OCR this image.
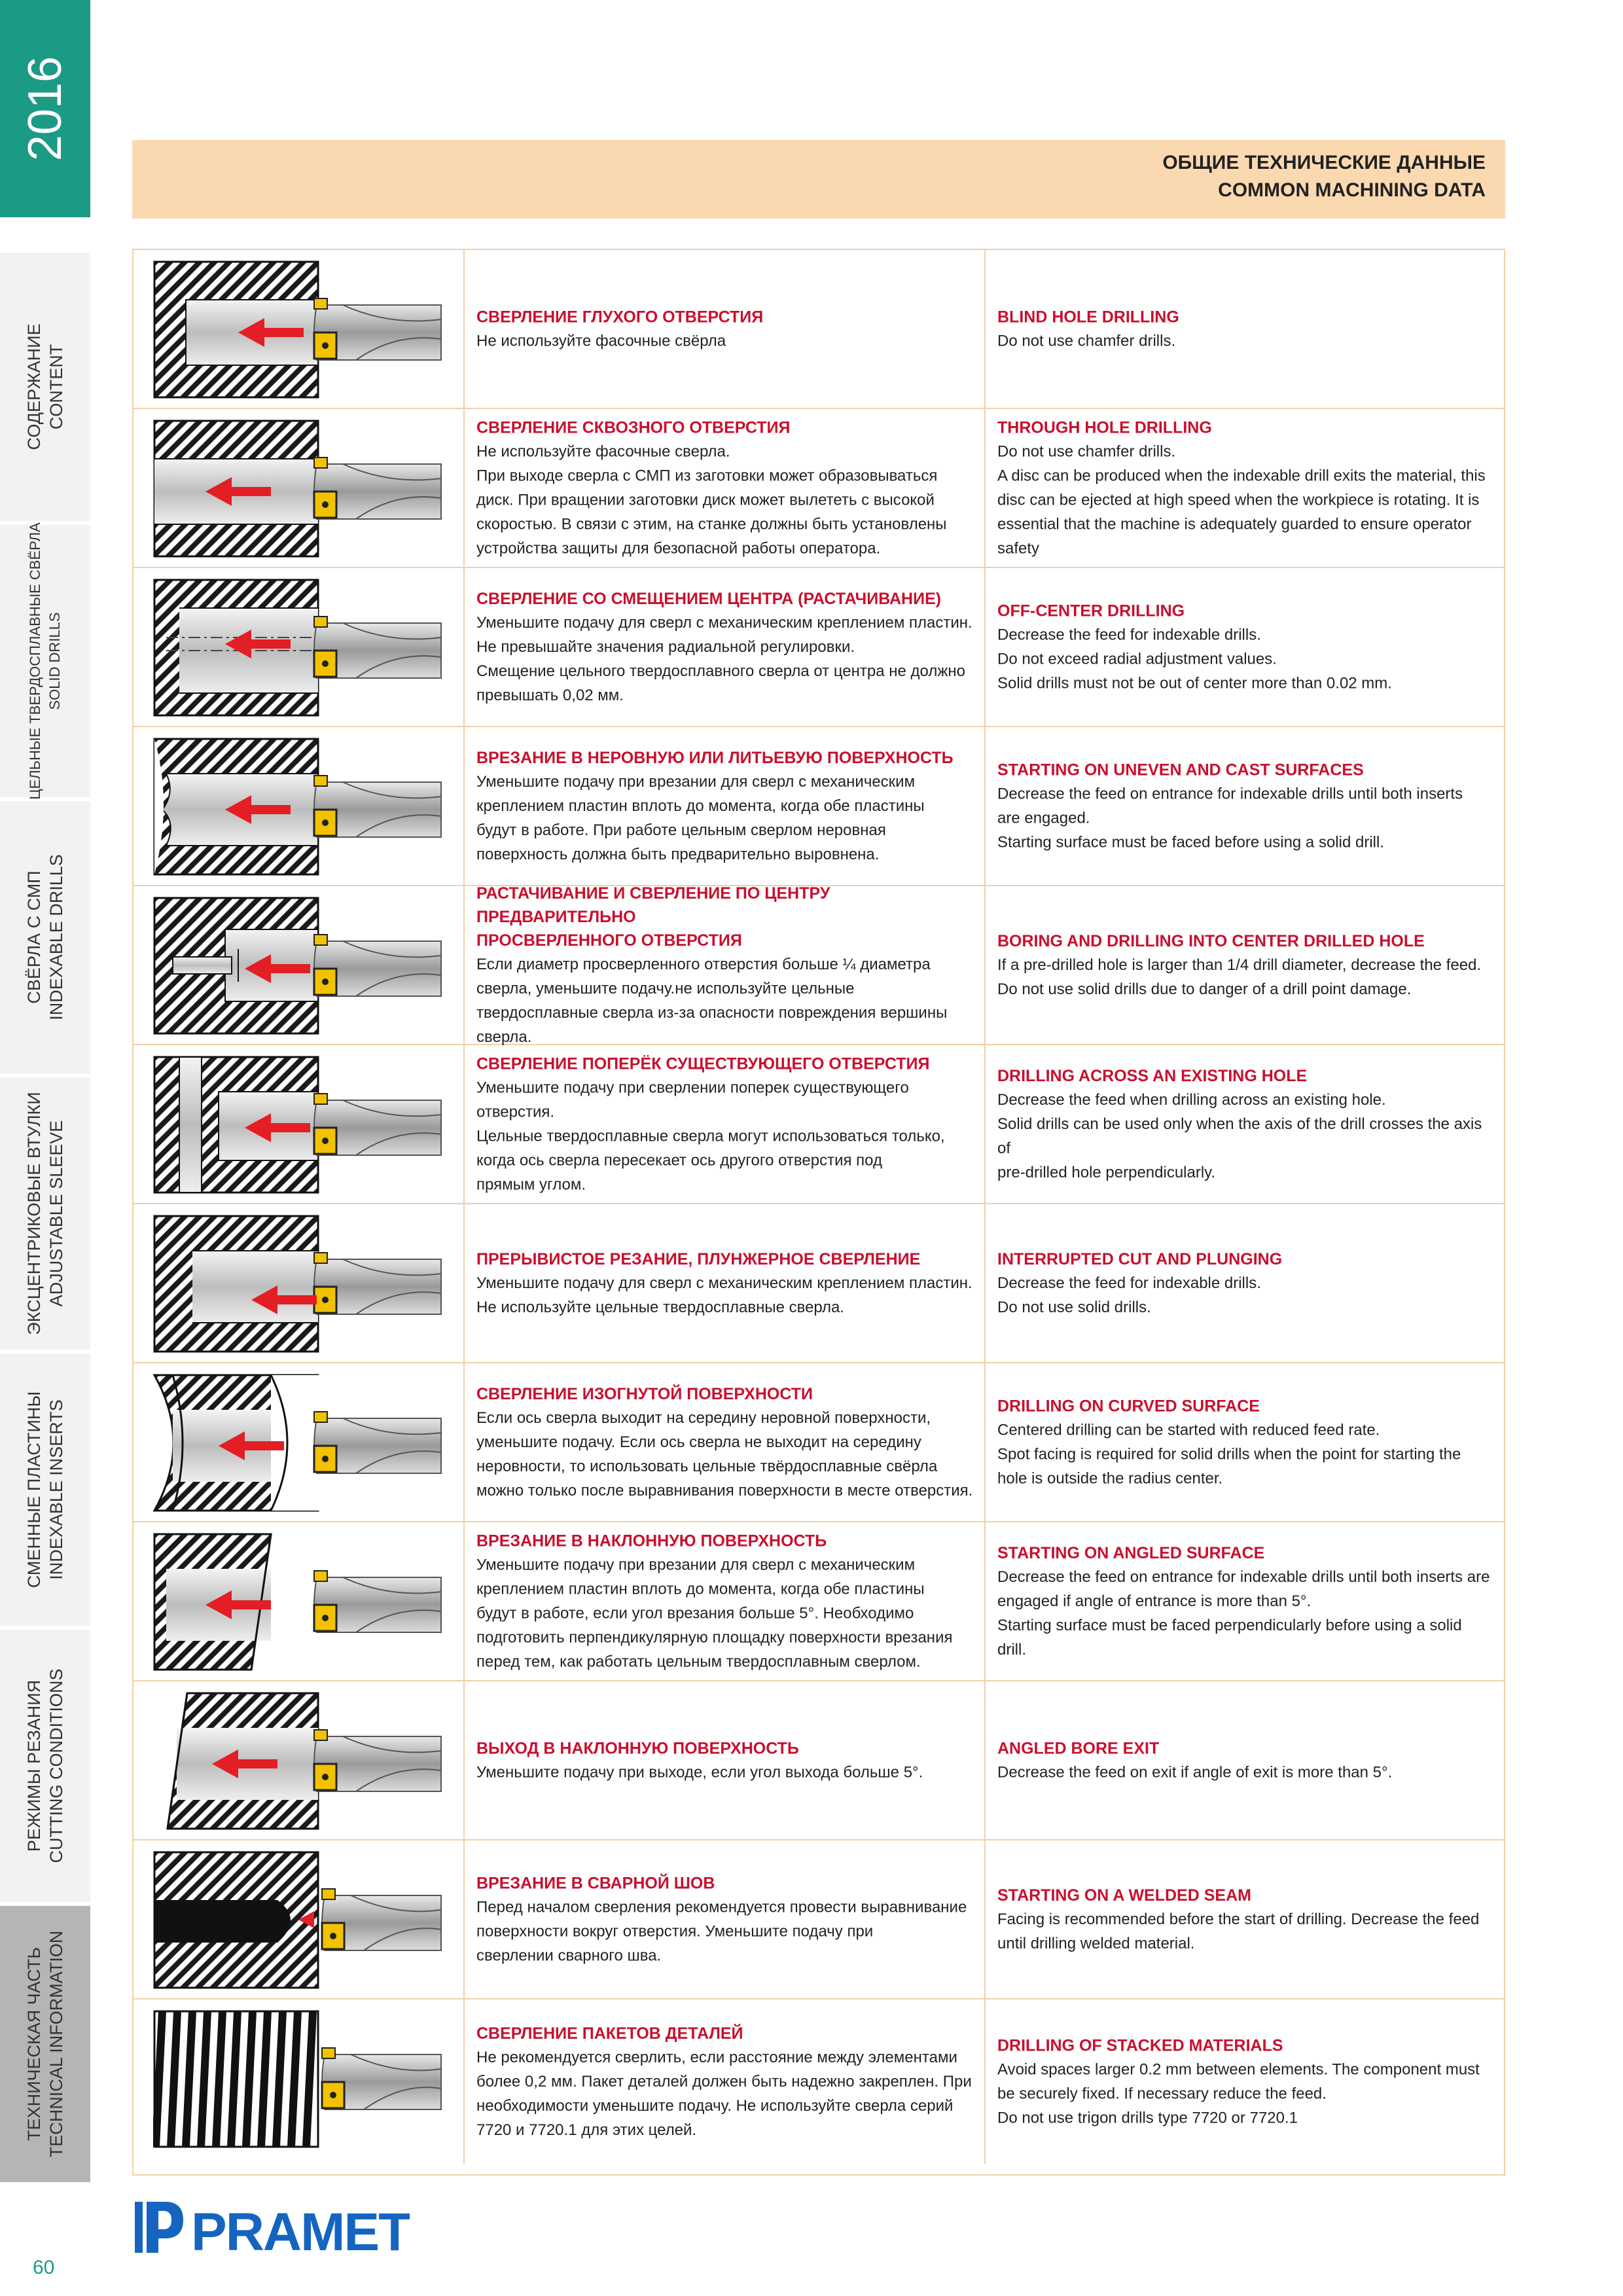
2016
СОДЕРЖАНИЕ CONTENT
ЦЕЛЬНЫЕ ТВЕРДОСПЛАВНЫЕ СВЁРЛА SOLID DRILLS
СВЁРЛА С СМП INDEXABLE DRILLS
ЭКСЦЕНТРИКОВЫЕ ВТУЛКИ ADJUSTABLE SLEEVE
СМЕННЫЕ ПЛАСТИНЫ INDEXABLE INSERTS
РЕЖИМЫ РЕЗАНИЯ CUTTING CONDITIONS
ТЕХНИЧЕСКАЯ ЧАСТЬ TECHNICAL INFORMATION
60
ОБЩИЕ ТЕХНИЧЕСКИЕ ДАННЫЕ
COMMON MACHINING DATA
СВЕРЛЕНИЕ ГЛУХОГО ОТВЕРСТИЯ
Не используйте фасочные свёрла
BLIND HOLE DRILLING
Do not use chamfer drills.
СВЕРЛЕНИЕ СКВОЗНОГО ОТВЕРСТИЯ
Не используйте фасочные сверла.
При выходе сверла с СМП из заготовки может образовываться
диск. При вращении заготовки диск может вылететь с высокой
скоростью. В связи с этим, на станке должны быть установлены
устройства защиты для безопасной работы оператора.
THROUGH HOLE DRILLING
Do not use chamfer drills.
A disc can be produced when the indexable drill exits the material, this
disc can be ejected at high speed when the workpiece is rotating. It is
essential that the machine is adequately guarded to ensure operator
safety
СВЕРЛЕНИЕ СО СМЕЩЕНИЕМ ЦЕНТРА (РАСТАЧИВАНИЕ)
Уменьшите подачу для сверл с механическим креплением пластин.
Не превышайте значения радиальной регулировки.
Смещение цельного твердосплавного сверла от центра не должно
превышать 0,02 мм.
OFF-CENTER DRILLING
Decrease the feed for indexable drills.
Do not exceed radial adjustment values.
Solid drills must not be out of center more than 0.02 mm.
ВРЕЗАНИЕ В НЕРОВНУЮ ИЛИ ЛИТЬЕВУЮ ПОВЕРХНОСТЬ
Уменьшите подачу при врезании для сверл с механическим
креплением пластин вплоть до момента, когда обе пластины
будут в работе. При работе цельным сверлом неровная
поверхность должна быть предварительно выровнена.
STARTING ON UNEVEN AND CAST SURFACES
Decrease the feed on entrance for indexable drills until both inserts
are engaged.
Starting surface must be faced before using a solid drill.
РАСТАЧИВАНИЕ И СВЕРЛЕНИЕ ПО ЦЕНТРУ ПРЕДВАРИТЕЛЬНО
ПРОСВЕРЛЕННОГО ОТВЕРСТИЯ
Если диаметр просверленного отверстия больше ¼ диаметра
сверла, уменьшите подачу.не используйте цельные
твердосплавные сверла из-за опасности повреждения вершины
сверла.
BORING AND DRILLING INTO CENTER DRILLED HOLE
If a pre-drilled hole is larger than 1/4 drill diameter, decrease the feed.
Do not use solid drills due to danger of a drill point damage.
СВЕРЛЕНИЕ ПОПЕРЁК СУЩЕСТВУЮЩЕГО ОТВЕРСТИЯ
Уменьшите подачу при сверлении поперек существующего
отверстия.
Цельные твердосплавные сверла могут использоваться только,
когда ось сверла пересекает ось другого отверстия под
прямым углом.
DRILLING ACROSS AN EXISTING HOLE
Decrease the feed when drilling across an existing hole.
Solid drills can be used only when the axis of the drill crosses the axis of
pre-drilled hole perpendicularly.
ПРЕРЫВИСТОЕ РЕЗАНИЕ, ПЛУНЖЕРНОЕ СВЕРЛЕНИЕ
Уменьшите подачу для сверл с механическим креплением пластин.
Не используйте цельные твердосплавные сверла.
INTERRUPTED CUT AND PLUNGING
Decrease the feed for indexable drills.
Do not use solid drills.
СВЕРЛЕНИЕ ИЗОГНУТОЙ ПОВЕРХНОСТИ
Если ось сверла выходит на середину неровной поверхности,
уменьшите подачу. Если ось сверла не выходит на середину
неровности, то использовать цельные твёрдосплавные свёрла
можно только после выравнивания поверхности в месте отверстия.
DRILLING ON CURVED SURFACE
Centered drilling can be started with reduced feed rate.
Spot facing is required for solid drills when the point for starting the
hole is outside the radius center.
ВРЕЗАНИЕ В НАКЛОННУЮ ПОВЕРХНОСТЬ
Уменьшите подачу при врезании для сверл с механическим
креплением пластин вплоть до момента, когда обе пластины
будут в работе, если угол врезания больше 5°. Необходимо
подготовить перпендикулярную площадку поверхности врезания
перед тем, как работать цельным твердосплавным сверлом.
STARTING ON ANGLED SURFACE
Decrease the feed on entrance for indexable drills until both inserts are
engaged if angle of entrance is more than 5°.
Starting surface must be faced perpendicularly before using a solid drill.
ВЫХОД В НАКЛОННУЮ ПОВЕРХНОСТЬ
Уменьшите подачу при выходе, если угол выхода больше 5°.
ANGLED BORE EXIT
Decrease the feed on exit if angle of exit is more than 5°.
ВРЕЗАНИЕ В СВАРНОЙ ШОВ
Перед началом сверления рекомендуется провести выравнивание
поверхности вокруг отверстия. Уменьшите подачу при
сверлении сварного шва.
STARTING ON A WELDED SEAM
Facing is recommended before the start of drilling. Decrease the feed
until drilling welded material.
СВЕРЛЕНИЕ ПАКЕТОВ ДЕТАЛЕЙ
Не рекомендуется сверлить, если расстояние между элементами
более 0,2 мм. Пакет деталей должен быть надежно закреплен. При
необходимости уменьшите подачу. Не используйте сверла серий
7720 и 7720.1 для этих целей.
DRILLING OF STACKED MATERIALS
Avoid spaces larger 0.2 mm between elements. The component must
be securely fixed. If necessary reduce the feed.
Do not use trigon drills type 7720 or 7720.1
PRAMET
